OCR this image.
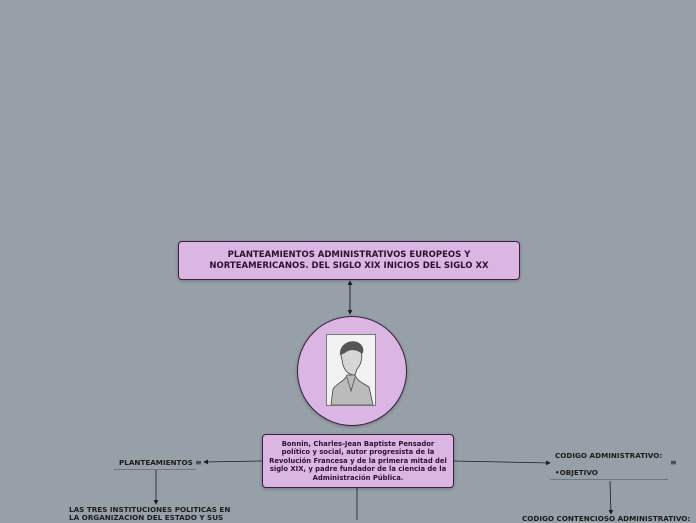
PLANTEAMIENTOS ADMINISTRATIVOS EUROPEOS Y NORTEAMERICANOS. DEL SIGLO XIX INICIOS DEL SIGLO XX
Bonnin, Charles-Jean Baptiste Pensador político y social, autor progresista de la Revolución Francesa y de la primera mitad del siglo XIX, y padre fundador de la ciencia de la Administración Pública.
PLANTEAMIENTOS ≡
LAS TRES INSTITUCIONES POLITICAS EN
LA ORGANIZACION DEL ESTADO Y SUS
CODIGO ADMINISTRATIVO:
•OBJETIVO
≡
CODIGO CONTENCIOSO ADMINISTRATIVO:
